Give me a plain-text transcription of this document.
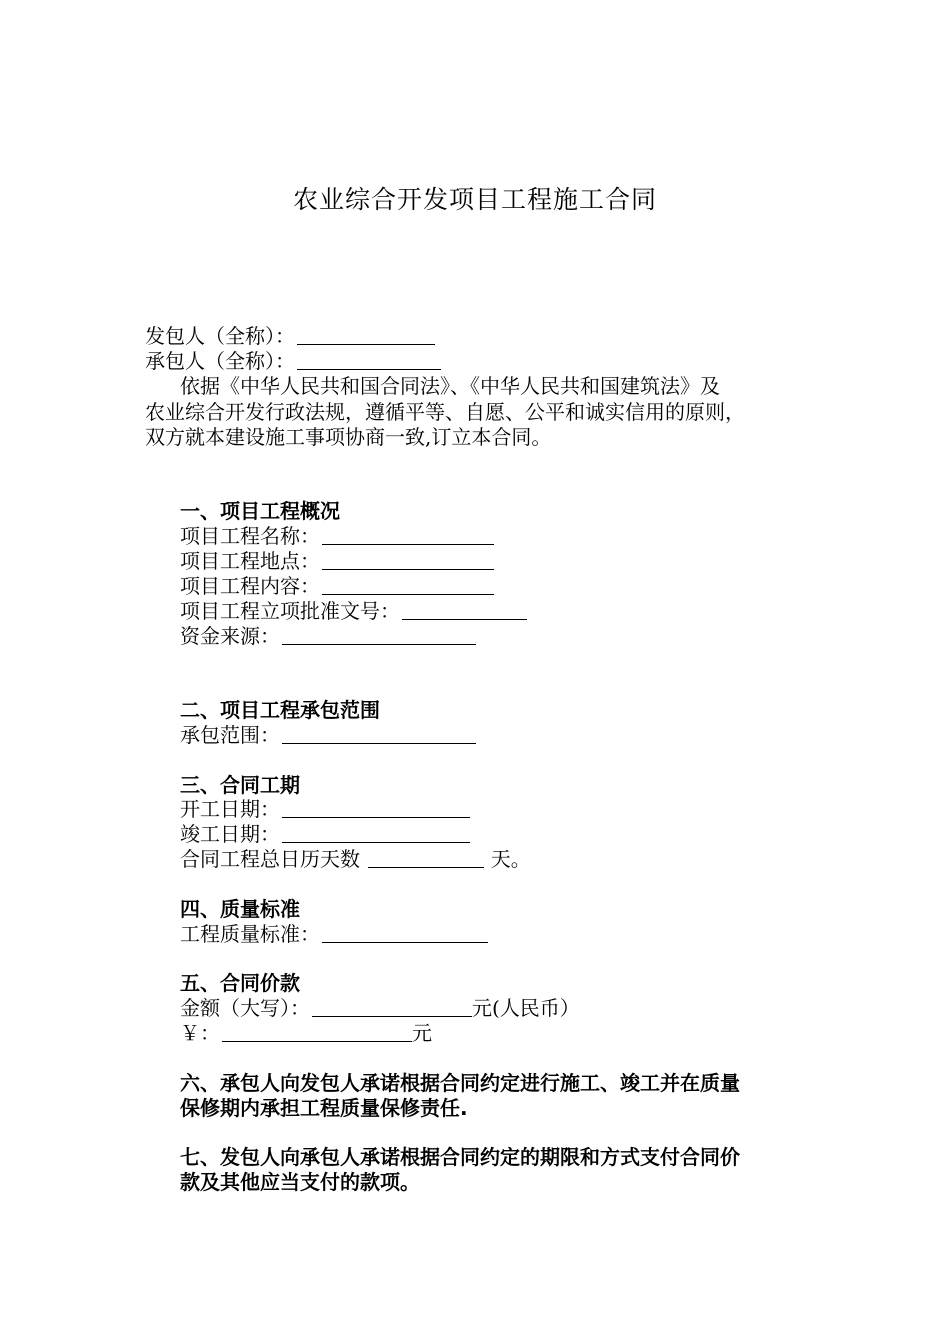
农业综合开发项目工程施工合同
发包人（全称）：
承包人（全称）：
依据《中华人民共和国合同法》、《中华人民共和国建筑法》及
农业综合开发行政法规，遵循平等、自愿、公平和诚实信用的原则，
双方就本建设施工事项协商一致,订立本合同。
一、项目工程概况
项目工程名称：
项目工程地点：
项目工程内容：
项目工程立项批准文号：
资金来源：
二、项目工程承包范围
承包范围：
三、合同工期
开工日期：
竣工日期：
合同工程总日历天数	天。
四、质量标准
工程质量标准：
五、合同价款
金额（大写）：	元(人民币）
￥：	元
六、承包人向发包人承诺根据合同约定进行施工、竣工并在质量
保修期内承担工程质量保修责任.
七、发包人向承包人承诺根据合同约定的期限和方式支付合同价
款及其他应当支付的款项。
